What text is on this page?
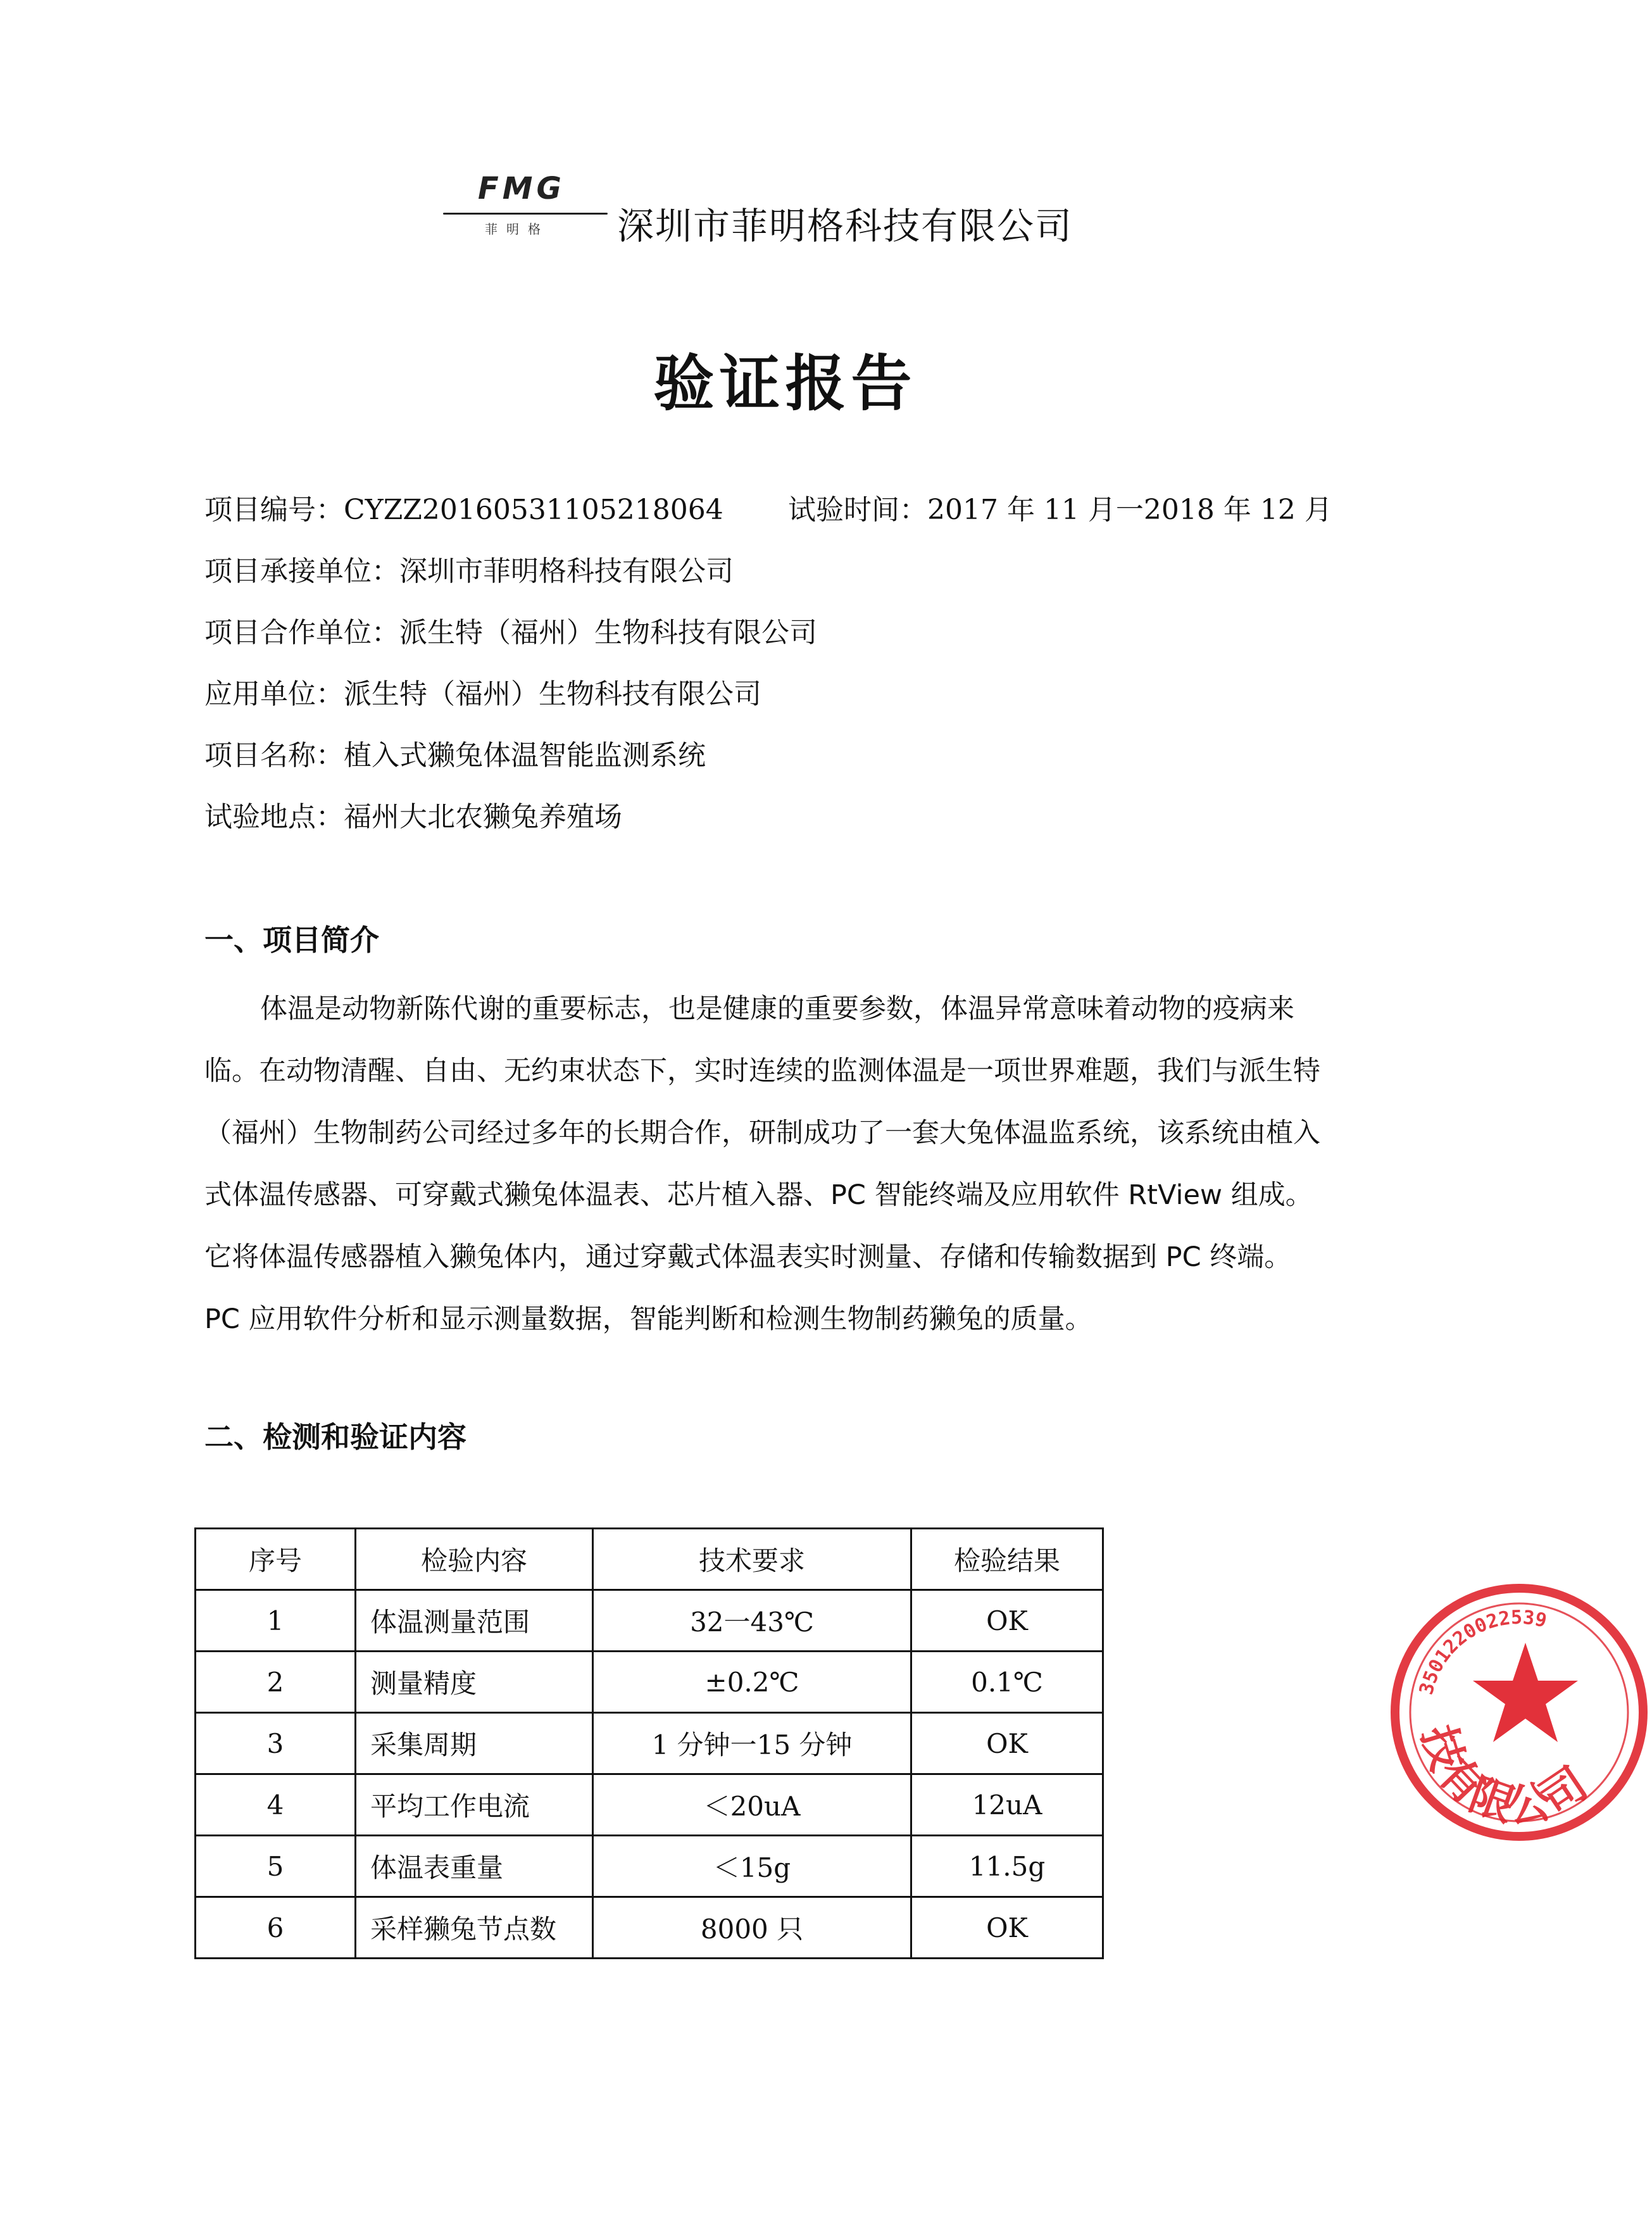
FMG
菲明格 深圳市菲明格科技有限公司
验证报告
项目编号：CYZZ20160531105218064 试验时间：2017 年 11 月一2018 年 12 月
项目承接单位：深圳市菲明格科技有限公司
项目合作单位：派生特（福州）生物科技有限公司
应用单位：派生特（福州）生物科技有限公司
项目名称：植入式獭兔体温智能监测系统
试验地点：福州大北农獭兔养殖场
一、项目简介

体温是动物新陈代谢的重要标志，也是健康的重要参数，体温异常意味着动物的疫病来临。在动物清醒、自由、无约束状态下，实时连续的监测体温是一项世界难题，我们与派生特（福州）生物制药公司经过多年的长期合作，研制成功了一套大兔体温监系统，该系统由植入式体温传感器、可穿戴式獭兔体温表、芯片植入器、PC 智能终端及应用软件 RtView 组成。

它将体温传感器植入獭兔体内，通过穿戴式体温表实时测量、存储和传输数据到 PC 终端。

PC 应用软件分析和显示测量数据，智能判断和检测生物制药獭兔的质量。

二、检测和验证内容
序号	检验内容	技术要求	检验结果
1	体温测量范围	32一43℃	OK
2	测量精度	±0.2℃	0.1℃
3	采集周期	1 分钟一15 分钟	OK
4	平均工作电流	＜20uA	12uA
5	体温表重量	＜15g	11.5g
6	采样獭兔节点数	8000 只	OK
3501220022539
技有限公司
